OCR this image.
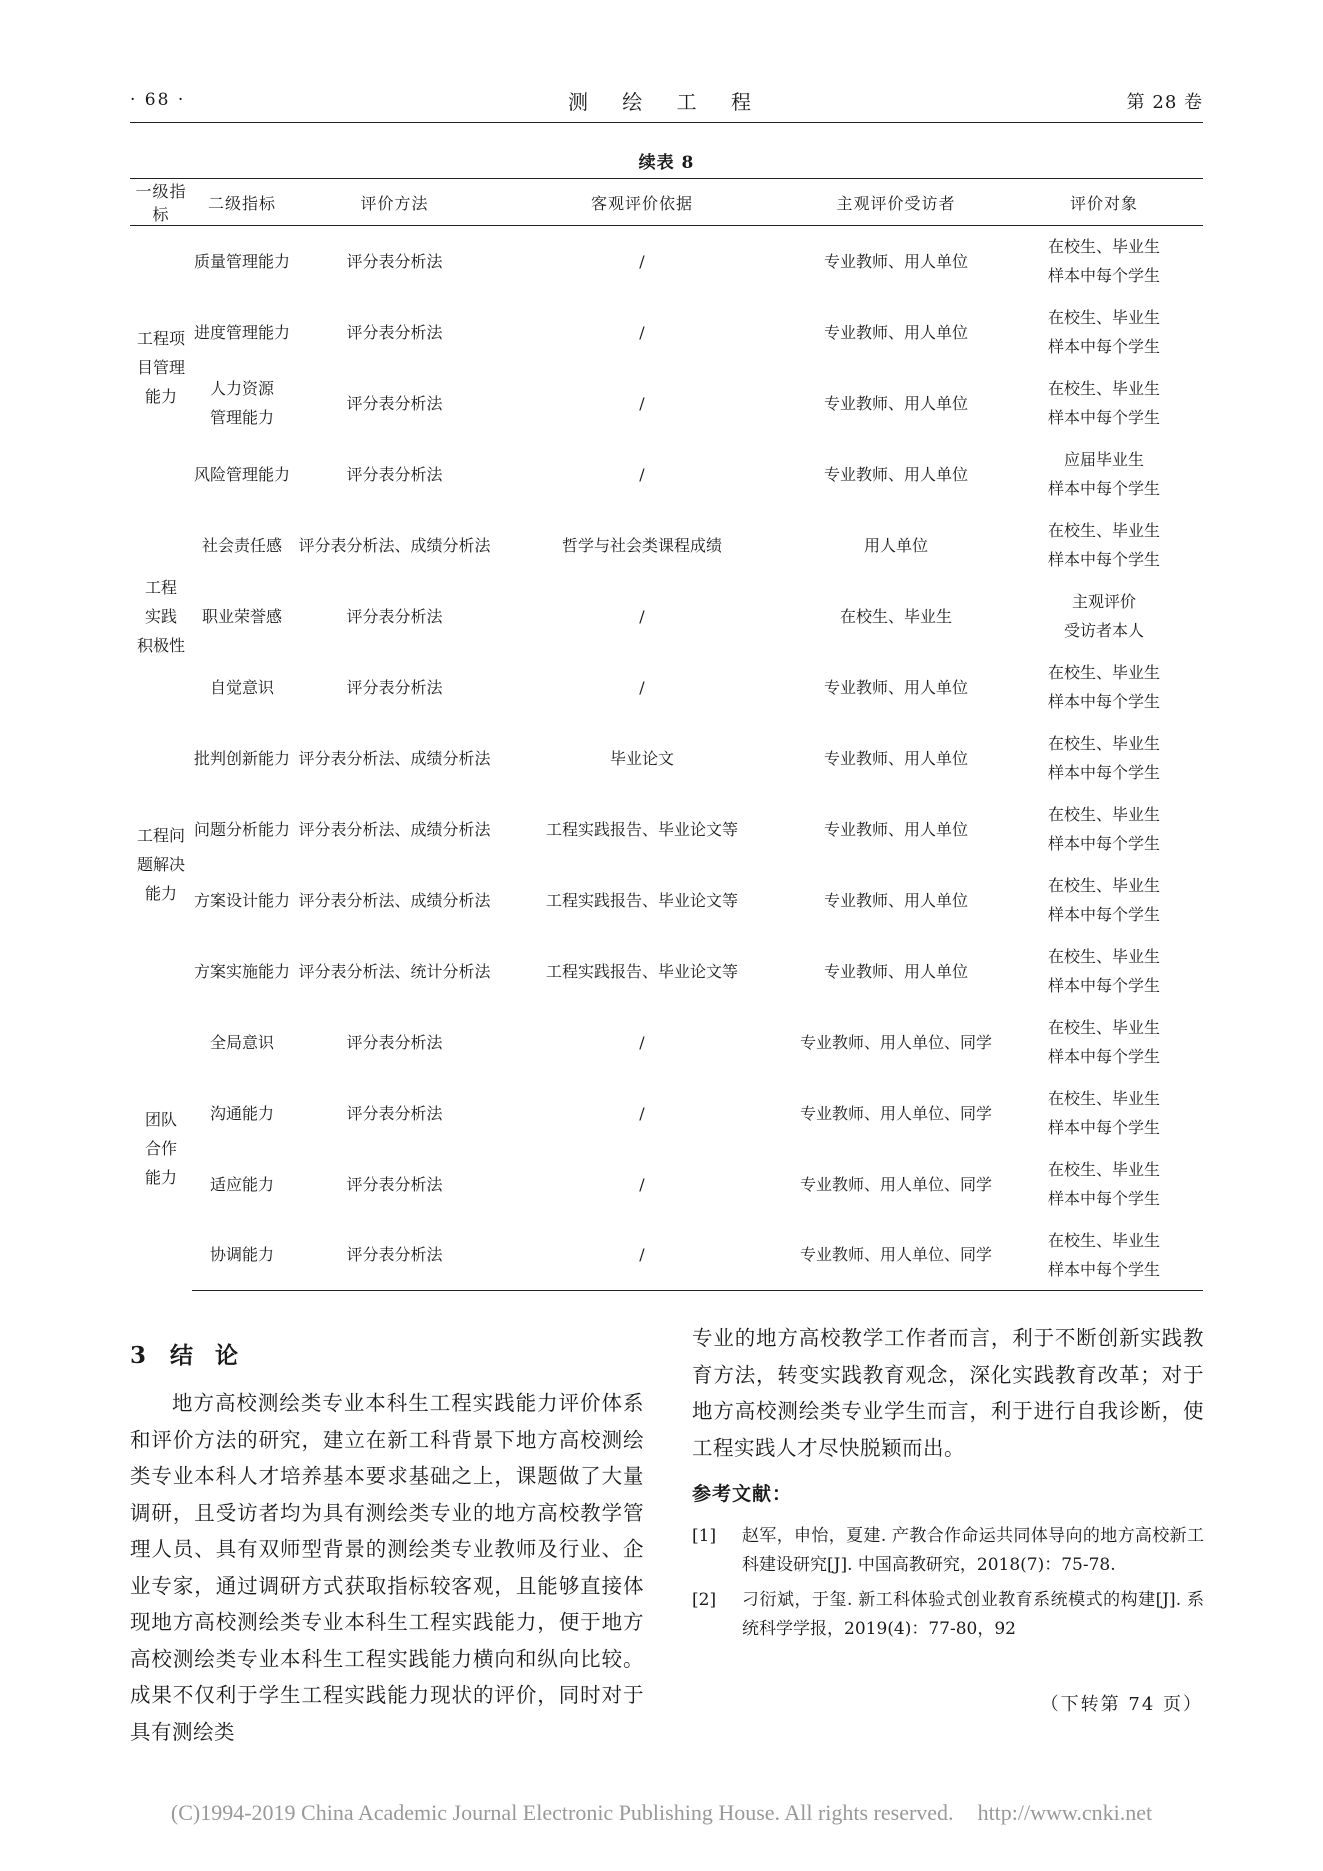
· 68 ·	测 绘 工 程	第 28 卷
续表 8
一级指标	二级指标	评价方法	客观评价依据	主观评价受访者	评价对象

工程项
目管理
能力	质量管理能力	评分表分析法	/	专业教师、用人单位	在校生、毕业生
样本中每个学生

	进度管理能力	评分表分析法	/	专业教师、用人单位	在校生、毕业生
样本中每个学生

	人力资源
管理能力	评分表分析法	/	专业教师、用人单位	在校生、毕业生
样本中每个学生

	风险管理能力	评分表分析法	/	专业教师、用人单位	应届毕业生
样本中每个学生

工程
实践
积极性	社会责任感	评分表分析法、成绩分析法	哲学与社会类课程成绩	用人单位	在校生、毕业生
样本中每个学生

	职业荣誉感	评分表分析法	/	在校生、毕业生	主观评价
受访者本人

	自觉意识	评分表分析法	/	专业教师、用人单位	在校生、毕业生
样本中每个学生

工程问
题解决
能力	批判创新能力	评分表分析法、成绩分析法	毕业论文	专业教师、用人单位	在校生、毕业生
样本中每个学生

	问题分析能力	评分表分析法、成绩分析法	工程实践报告、毕业论文等	专业教师、用人单位	在校生、毕业生
样本中每个学生

	方案设计能力	评分表分析法、成绩分析法	工程实践报告、毕业论文等	专业教师、用人单位	在校生、毕业生
样本中每个学生

	方案实施能力	评分表分析法、统计分析法	工程实践报告、毕业论文等	专业教师、用人单位	在校生、毕业生
样本中每个学生

团队
合作
能力	全局意识	评分表分析法	/	专业教师、用人单位、同学	在校生、毕业生
样本中每个学生

	沟通能力	评分表分析法	/	专业教师、用人单位、同学	在校生、毕业生
样本中每个学生

	适应能力	评分表分析法	/	专业教师、用人单位、同学	在校生、毕业生
样本中每个学生

	协调能力	评分表分析法	/	专业教师、用人单位、同学	在校生、毕业生
样本中每个学生
3 结论

地方高校测绘类专业本科生工程实践能力评价体系和评价方法的研究，建立在新工科背景下地方高校测绘类专业本科人才培养基本要求基础之上，课题做了大量调研，且受访者均为具有测绘类专业的地方高校教学管理人员、具有双师型背景的测绘类专业教师及行业、企业专家，通过调研方式获取指标较客观，且能够直接体现地方高校测绘类专业本科生工程实践能力，便于地方高校测绘类专业本科生工程实践能力横向和纵向比较。成果不仅利于学生工程实践能力现状的评价，同时对于具有测绘类

专业的地方高校教学工作者而言，利于不断创新实践教育方法，转变实践教育观念，深化实践教育改革；对于地方高校测绘类专业学生而言，利于进行自我诊断，使工程实践人才尽快脱颖而出。

参考文献：
[1] 赵军，申怡，夏建. 产教合作命运共同体导向的地方高校新工科建设研究[J]. 中国高教研究，2018(7)：75-78.
[2] 刁衍斌，于玺. 新工科体验式创业教育系统模式的构建[J]. 系统科学学报，2019(4)：77-80，92
（下转第 74 页）
(C)1994-2019 China Academic Journal Electronic Publishing House. All rights reserved. http://www.cnki.net
